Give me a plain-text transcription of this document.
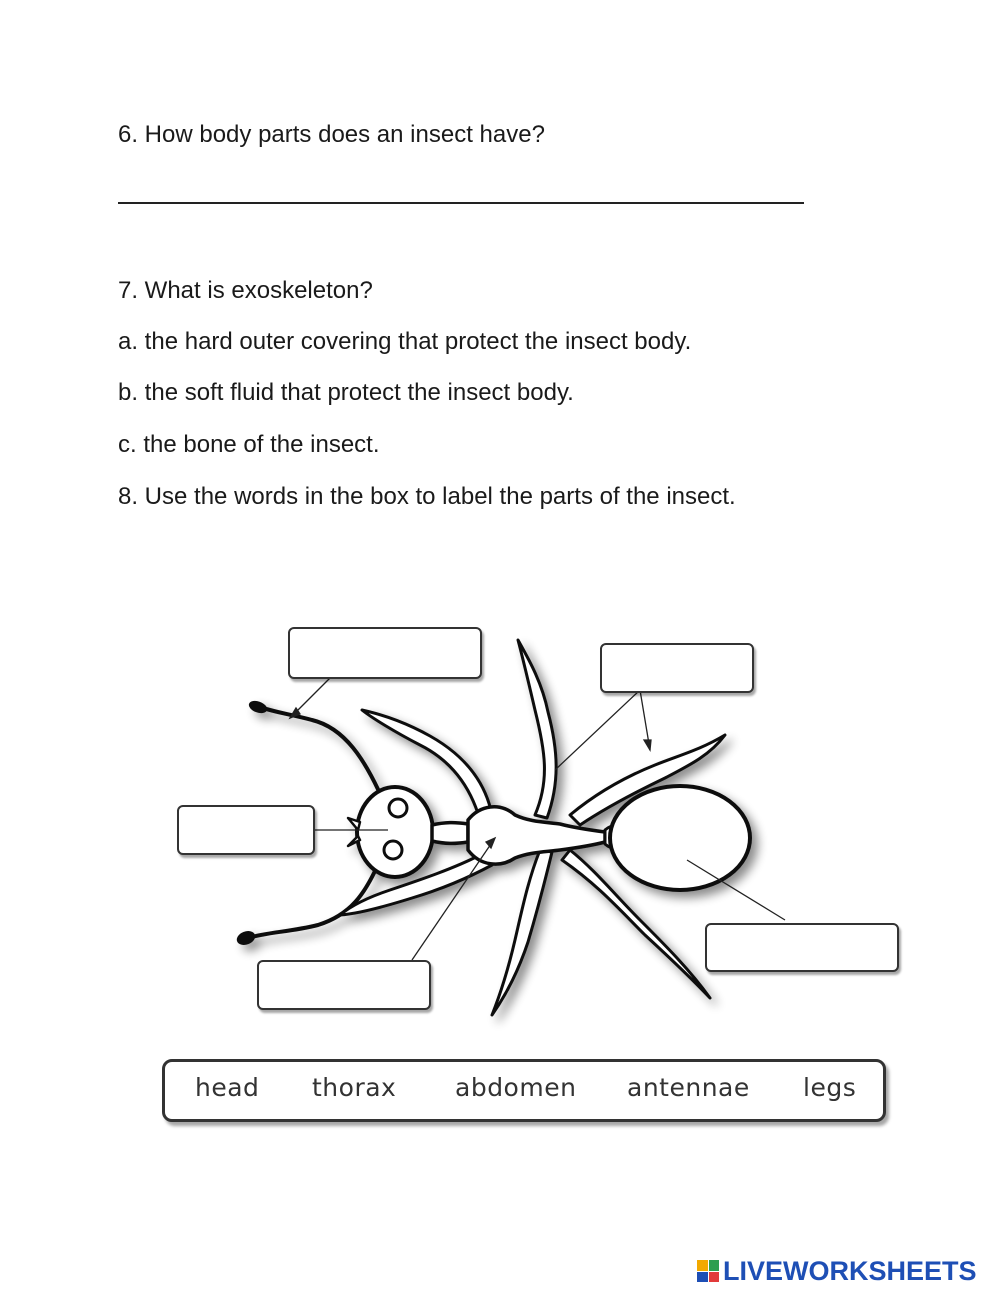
6. How body parts does an insect have?

7. What is exoskeleton?

a. the hard outer covering that protect the insect body.

b. the soft fluid that protect the insect body.

c. the bone of the insect.

8. Use the words in the box to label the parts of the insect.

head thorax abdomen antennae legs
LIVEWORKSHEETS
